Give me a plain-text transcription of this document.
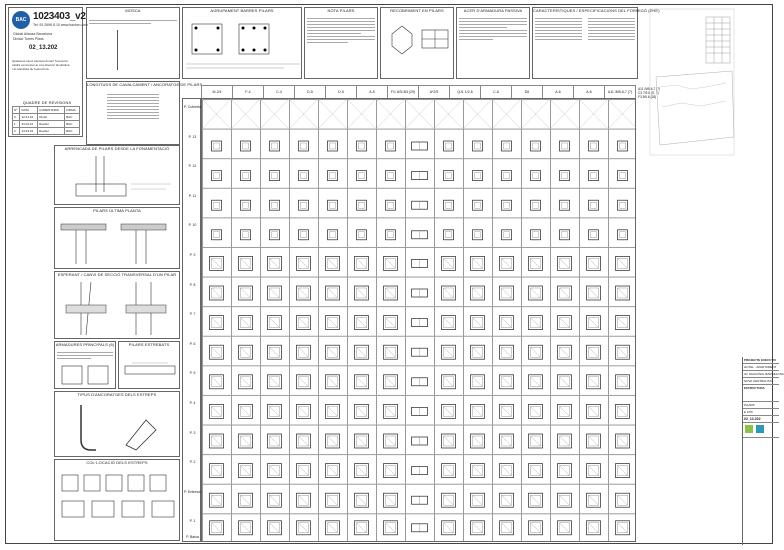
BAC 1023403_v2
Tel: 93 2696 8.10 www.bacbcn.com
Global Alianza Barcelona
Divisió Torres Pilars
02_13.202
Qualsevol canvi efectuat durant l'execució
caldrà comunicar-lo a la direcció facultativa
i al calculista de l'estructura.
QUADRE DE REVISIONS
Nº	DATA	COMENTARIS	FIRMA
0	12.01.16	Inicial	BAC
1	23.02.16	Revisió	BAC
2	14.04.16	Revisió	BAC
MOSCA	AGRUPAMENT BARRES PILARS	NOTA PILARS	RECOBRIMENT EN PILARS	ACER D'ARMADURA PASSIVA	CARACTERÍSTIQUES / ESPECIFICACIONS DEL FORMIGÓ (EHE)
LONGITUDS DE CAVALCAMENT / ANCORATGE DE PILARS
ARRENCADA DE PILARS DESDE LA FONAMENTACIÓ
PILARS ÚLTIMA PLANTA
ESPERANT / CANVI DE SECCIÓ TRANSVERSAL D'UN PILAR
ARMADURES PRINCIPALS (6)	PILARS ESTREBATS
TIPUS D'ANCORATGES DELS ESTREPS
COL·LOCACIÓ DELS ESTREPS
M-2/4	F-4	C-4	D-5	D-5	A-5	F/1 ÀSI-B3 (29)	A*2/5	QJ1 1/2-6	C-6	D6	A-6	A-6	A11 /M5-6-7 (7)
A11 /M5-6-7 (7)
C3 7/5 6 (S, 7)
F3 5/6 6 (28)
P. Cubierta
P. 13
P. 12
P. 11
P. 10
P. 9
P. 8
P. 7
P. 6
P. 5
P. 4
P. 3
P. 2
P. Entresòl
P. 1
P. Baixa
PROJECTE EXECUTIU
HOTEL - APARTAMENT
AV. DIAGONAL BARCELONA
NOVA CENTRALITAT
ESTRUCTURA
PILARS
E 1/50
02_13.202
